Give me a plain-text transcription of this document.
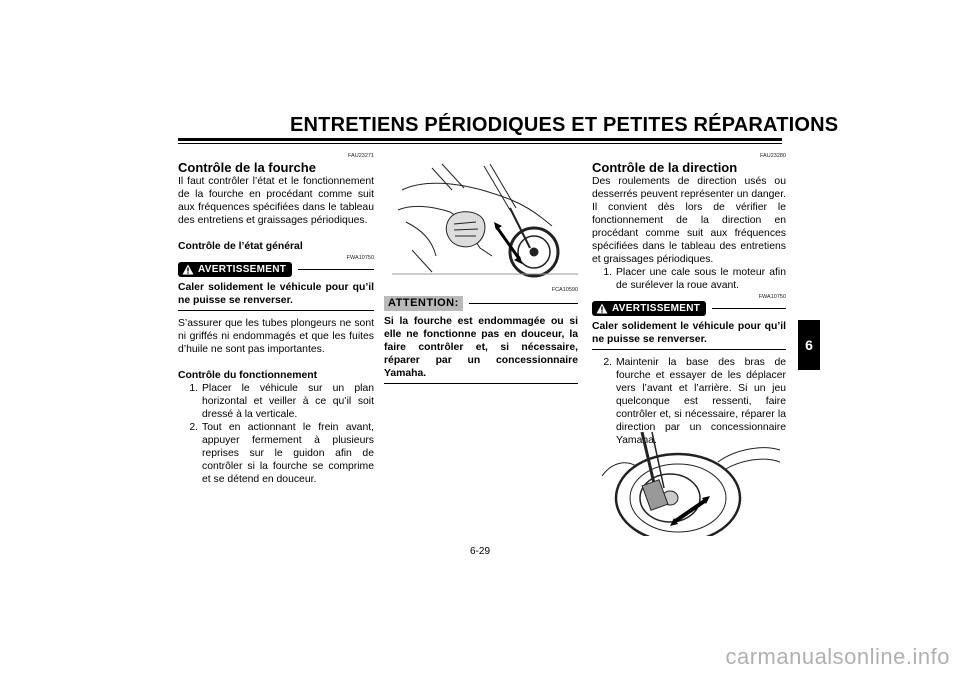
ENTRETIENS PÉRIODIQUES ET PETITES RÉPARATIONS
6
FAU23271
Contrôle de la fourche

Il faut contrôler l’état et le fonctionnement de la fourche en procédant comme suit aux fréquences spécifiées dans le tableau des entretiens et graissages périodiques.

Contrôle de l’état général
FWA10750
AVERTISSEMENT
Caler solidement le véhicule pour qu’il ne puisse se renverser.

S’assurer que les tubes plongeurs ne sont ni griffés ni endommagés et que les fuites d’huile ne sont pas importantes.

Contrôle du fonctionnement
1. Placer le véhicule sur un plan horizontal et veiller à ce qu’il soit dressé à la verticale.
2. Tout en actionnant le frein avant, appuyer fermement à plusieurs reprises sur le guidon afin de contrôler si la fourche se comprime et se détend en douceur.
FCA10590
ATTENTION:
Si la fourche est endommagée ou si elle ne fonctionne pas en douceur, la faire contrôler et, si nécessaire, réparer par un concessionnaire Yamaha.
FAU23280
Contrôle de la direction

Des roulements de direction usés ou desserrés peuvent représenter un danger. Il convient dès lors de vérifier le fonctionnement de la direction en procédant comme suit aux fréquences spécifiées dans le tableau des entretiens et graissages périodiques.

1. Placer une cale sous le moteur afin de surélever la roue avant.
FWA10750
AVERTISSEMENT
Caler solidement le véhicule pour qu’il ne puisse se renverser.
2. Maintenir la base des bras de fourche et essayer de les déplacer vers l’avant et l’arrière. Si un jeu quelconque est ressenti, faire contrôler et, si nécessaire, réparer la direction par un concessionnaire Yamaha.
6-29
carmanualsonline.info
